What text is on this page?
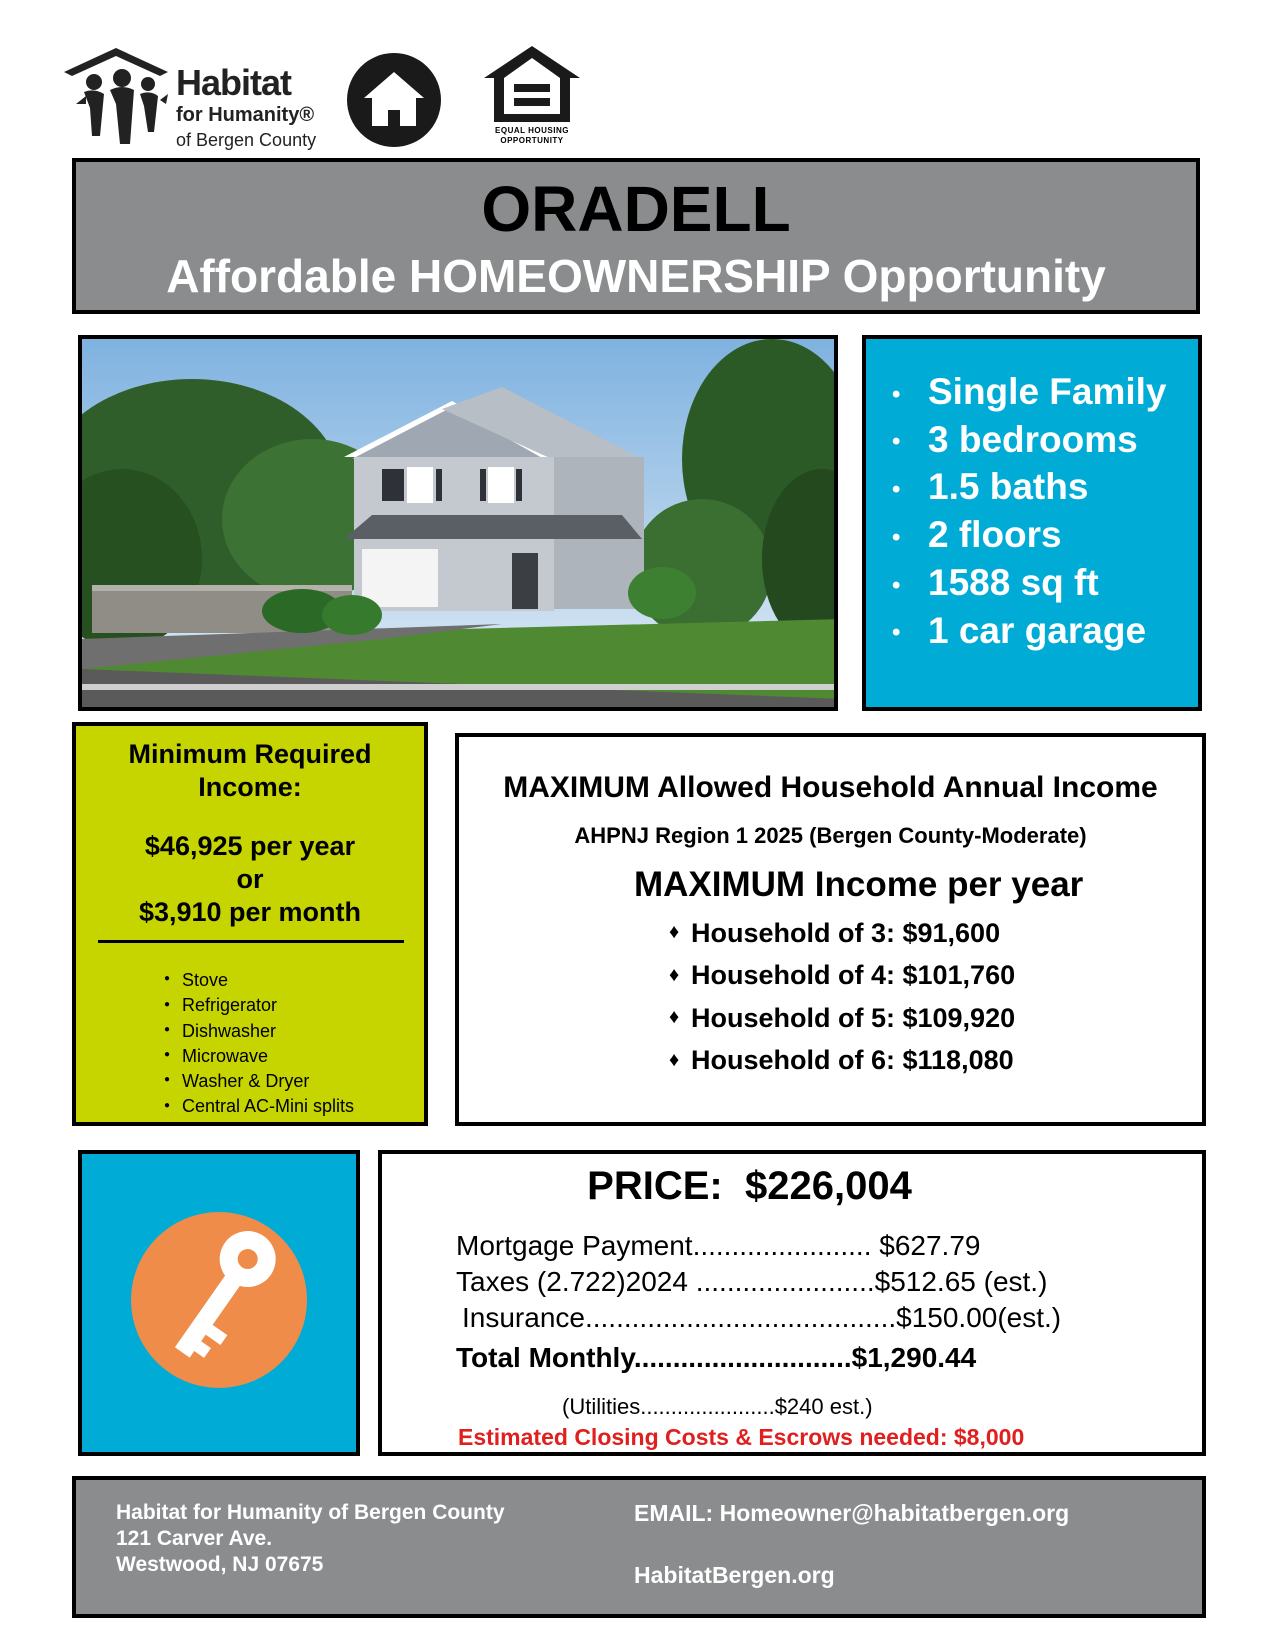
Habitat
for Humanity®
of Bergen County	EQUAL HOUSING
OPPORTUNITY
ORADELL
Affordable HOMEOWNERSHIP Opportunity
• Single Family
• 3 bedrooms
• 1.5 baths
• 2 floors
• 1588 sq ft
• 1 car garage
Minimum Required
Income:
$46,925 per year
or
$3,910 per month
● Stove
● Refrigerator
● Dishwasher
● Microwave
● Washer & Dryer
● Central AC-Mini splits
MAXIMUM Allowed Household Annual Income
AHPNJ Region 1 2025 (Bergen County-Moderate)
MAXIMUM Income per year
♦ Household of 3: $91,600
♦ Household of 4: $101,760
♦ Household of 5: $109,920
♦ Household of 6: $118,080
PRICE: $226,004
Mortgage Payment....................... $627.79
Taxes (2.722)2024 .......................$512.65 (est.)
Insurance........................................$150.00(est.)
Total Monthly............................$1,290.44
(Utilities......................$240 est.)
Estimated Closing Costs & Escrows needed: $8,000
Habitat for Humanity of Bergen County
121 Carver Ave.
Westwood, NJ 07675
EMAIL: Homeowner@habitatbergen.org
HabitatBergen.org
